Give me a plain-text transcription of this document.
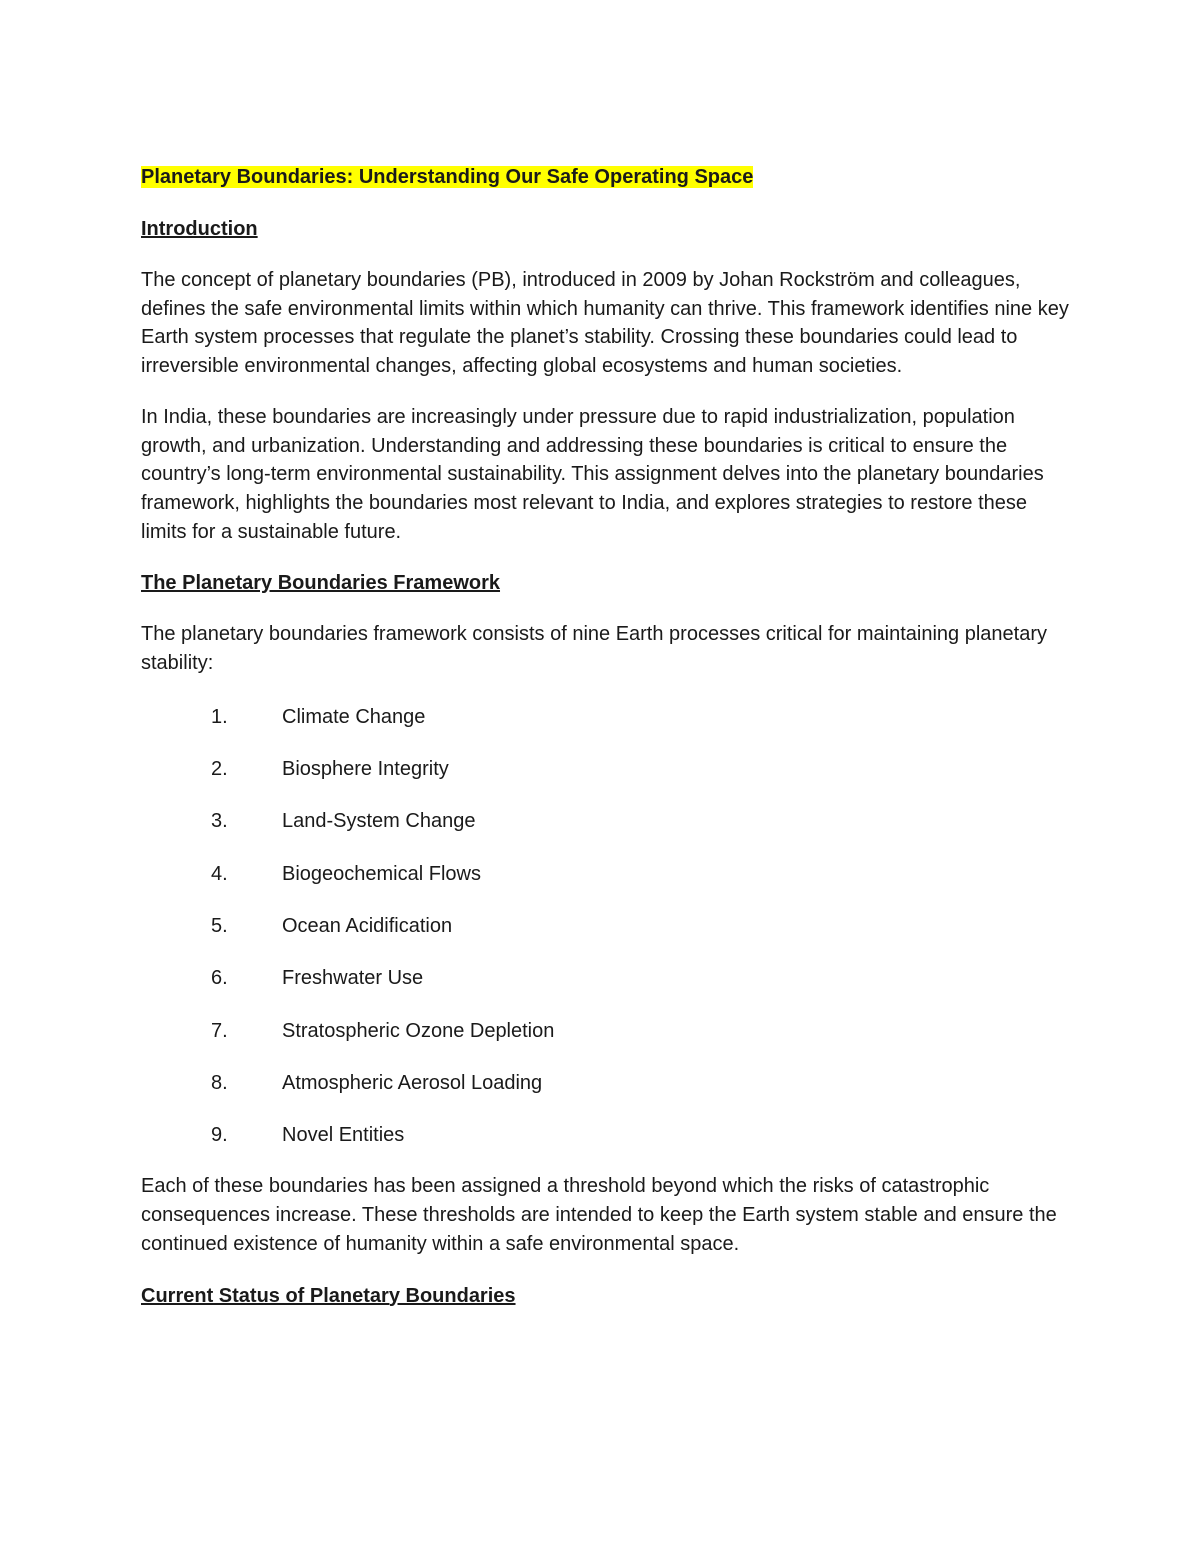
Planetary Boundaries: Understanding Our Safe Operating Space
Introduction

The concept of planetary boundaries (PB), introduced in 2009 by Johan Rockström and colleagues, defines the safe environmental limits within which humanity can thrive. This framework identifies nine key Earth system processes that regulate the planet’s stability. Crossing these boundaries could lead to irreversible environmental changes, affecting global ecosystems and human societies.

In India, these boundaries are increasingly under pressure due to rapid industrialization, population growth, and urbanization. Understanding and addressing these boundaries is critical to ensure the country’s long-term environmental sustainability. This assignment delves into the planetary boundaries framework, highlights the boundaries most relevant to India, and explores strategies to restore these limits for a sustainable future.

The Planetary Boundaries Framework

The planetary boundaries framework consists of nine Earth processes critical for maintaining planetary stability:

1.	Climate Change
2.	Biosphere Integrity
3.	Land-System Change
4.	Biogeochemical Flows
5.	Ocean Acidification
6.	Freshwater Use
7.	Stratospheric Ozone Depletion
8.	Atmospheric Aerosol Loading
9.	Novel Entities

Each of these boundaries has been assigned a threshold beyond which the risks of catastrophic consequences increase. These thresholds are intended to keep the Earth system stable and ensure the continued existence of humanity within a safe environmental space.

Current Status of Planetary Boundaries
